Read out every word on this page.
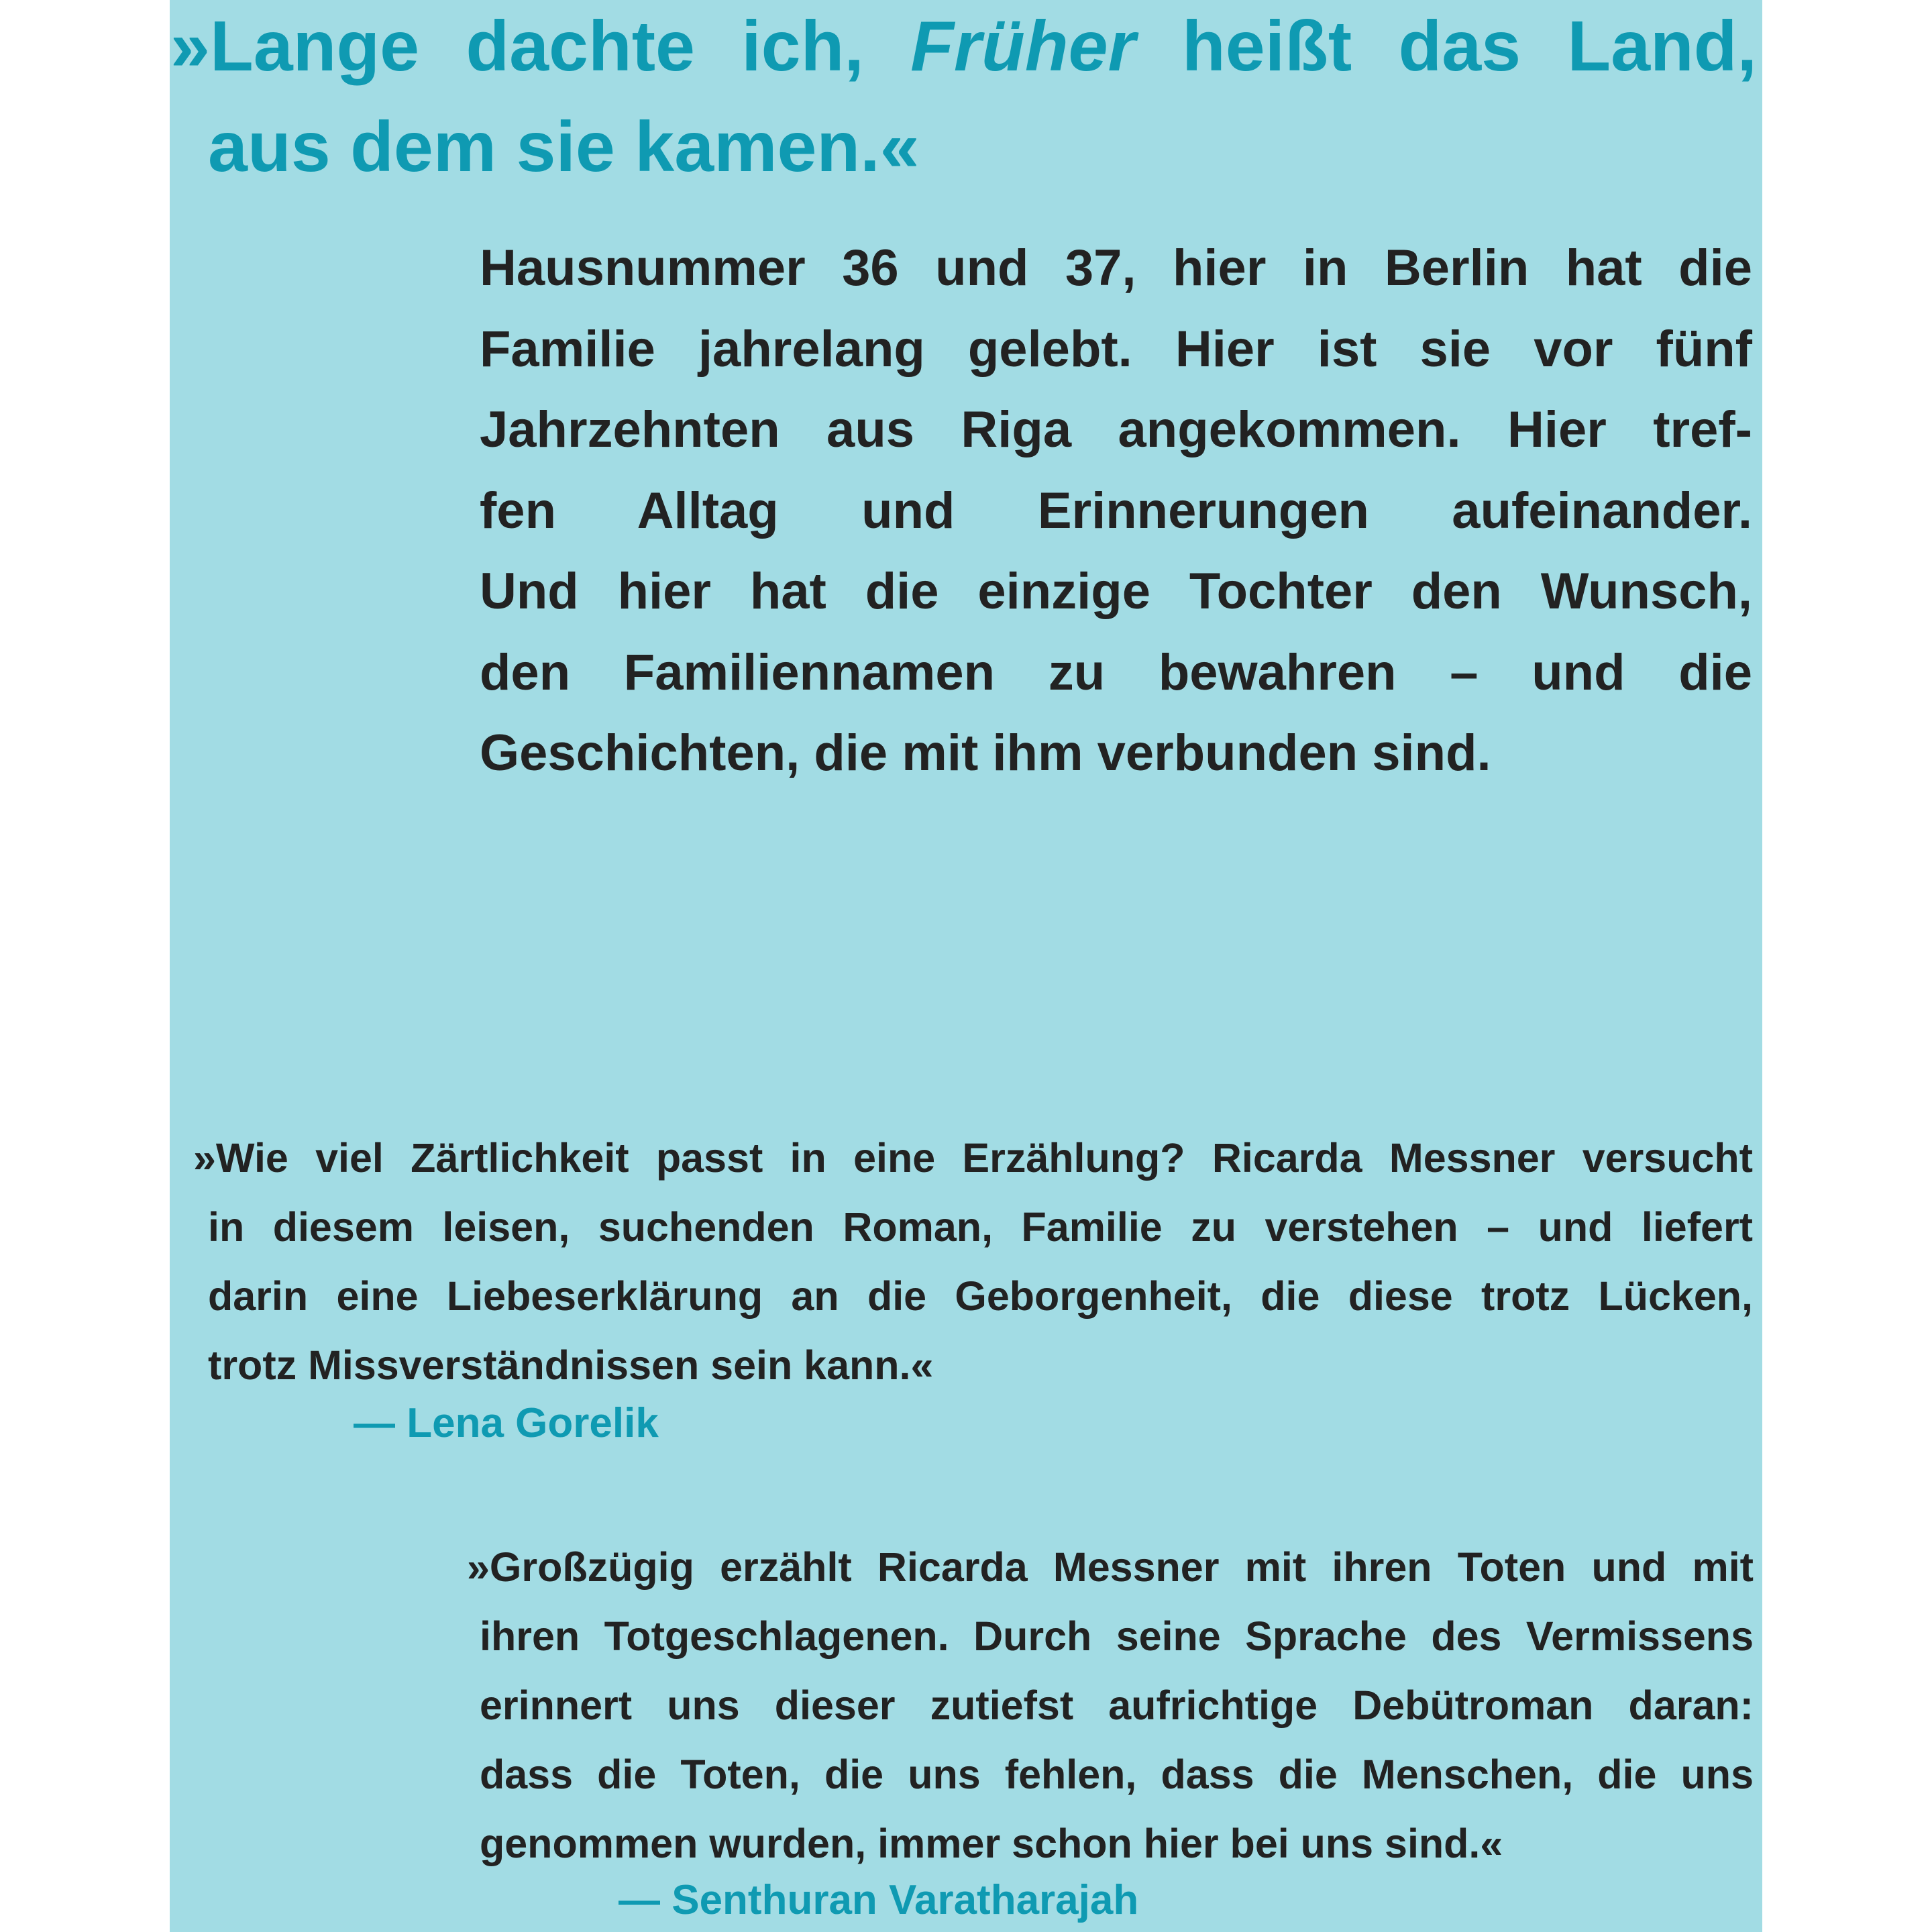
»Lange dachte ich, Früher heißt das Land,
aus dem sie kamen.«
Hausnummer 36 und 37, hier in Berlin hat die
Familie jahrelang gelebt. Hier ist sie vor fünf
Jahrzehnten aus Riga angekommen. Hier tref-
fen Alltag und Erinnerungen aufeinander.
Und hier hat die einzige Tochter den Wunsch,
den Familiennamen zu bewahren – und die
Geschichten, die mit ihm verbunden sind.
»Wie viel Zärtlichkeit passt in eine Erzählung? Ricarda Messner versucht
in diesem leisen, suchenden Roman, Familie zu verstehen – und liefert
darin eine Liebeserklärung an die Geborgenheit, die diese trotz Lücken,
trotz Missverständnissen sein kann.«

— Lena Gorelik

»Großzügig erzählt Ricarda Messner mit ihren Toten und mit
ihren Totgeschlagenen. Durch seine Sprache des Vermissens
erinnert uns dieser zutiefst aufrichtige Debütroman daran:
dass die Toten, die uns fehlen, dass die Menschen, die uns
genommen wurden, immer schon hier bei uns sind.«

— Senthuran Varatharajah
